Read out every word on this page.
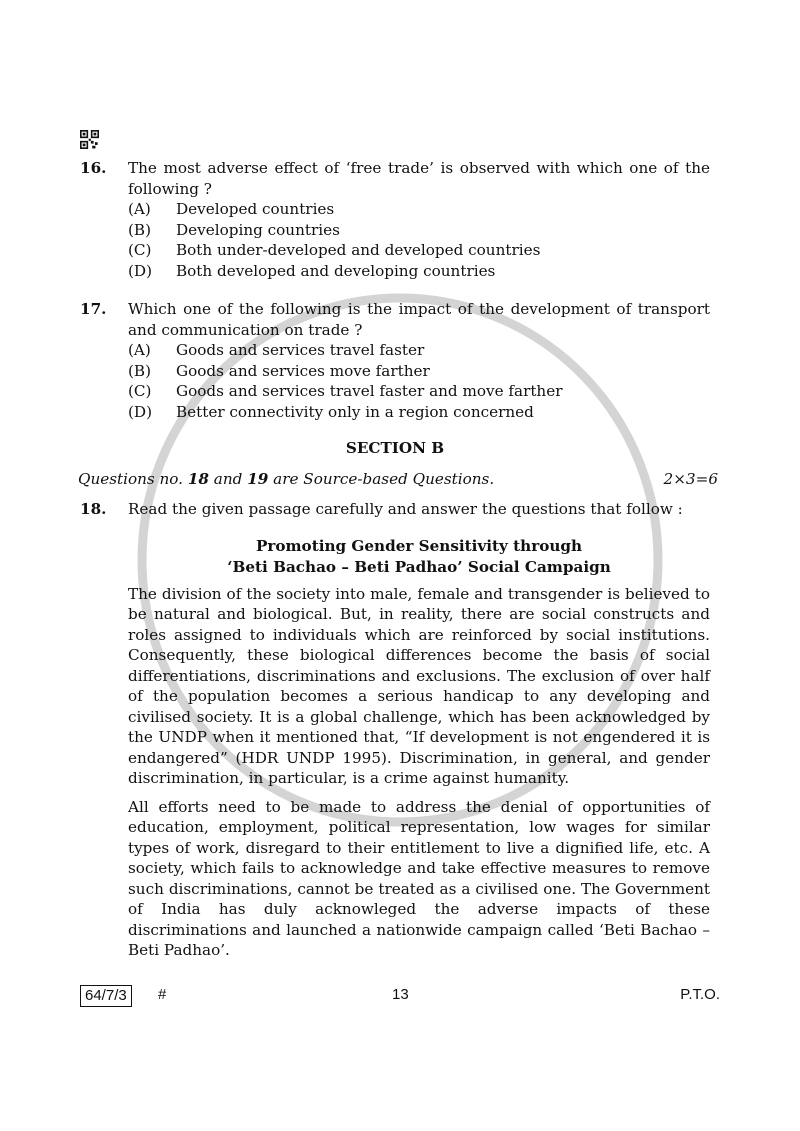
16. The most adverse effect of ‘free trade’ is observed with which one of the following ?
(A) Developed countries
(B) Developing countries
(C) Both under-developed and developed countries
(D) Both developed and developing countries
17. Which one of the following is the impact of the development of transport and communication on trade ?
(A) Goods and services travel faster
(B) Goods and services move farther
(C) Goods and services travel faster and move farther
(D) Better connectivity only in a region concerned
SECTION B
Questions no. 18 and 19 are Source-based Questions.	2×3=6
18. Read the given passage carefully and answer the questions that follow :
Promoting Gender Sensitivity through
‘Beti Bachao – Beti Padhao’ Social Campaign
The division of the society into male, female and transgender is believed to be natural and biological. But, in reality, there are social constructs and roles assigned to individuals which are reinforced by social institutions. Consequently, these biological differences become the basis of social differentiations, discriminations and exclusions. The exclusion of over half of the population becomes a serious handicap to any developing and civilised society. It is a global challenge, which has been acknowledged by the UNDP when it mentioned that, “If development is not engendered it is endangered” (HDR UNDP 1995). Discrimination, in general, and gender discrimination, in particular, is a crime against humanity.
All efforts need to be made to address the denial of opportunities of education, employment, political representation, low wages for similar types of work, disregard to their entitlement to live a dignified life, etc. A society, which fails to acknowledge and take effective measures to remove such discriminations, cannot be treated as a civilised one. The Government of India has duly acknowleged the adverse impacts of these discriminations and launched a nationwide campaign called ‘Beti Bachao – Beti Padhao’.
64/7/3	#	13	P.T.O.
